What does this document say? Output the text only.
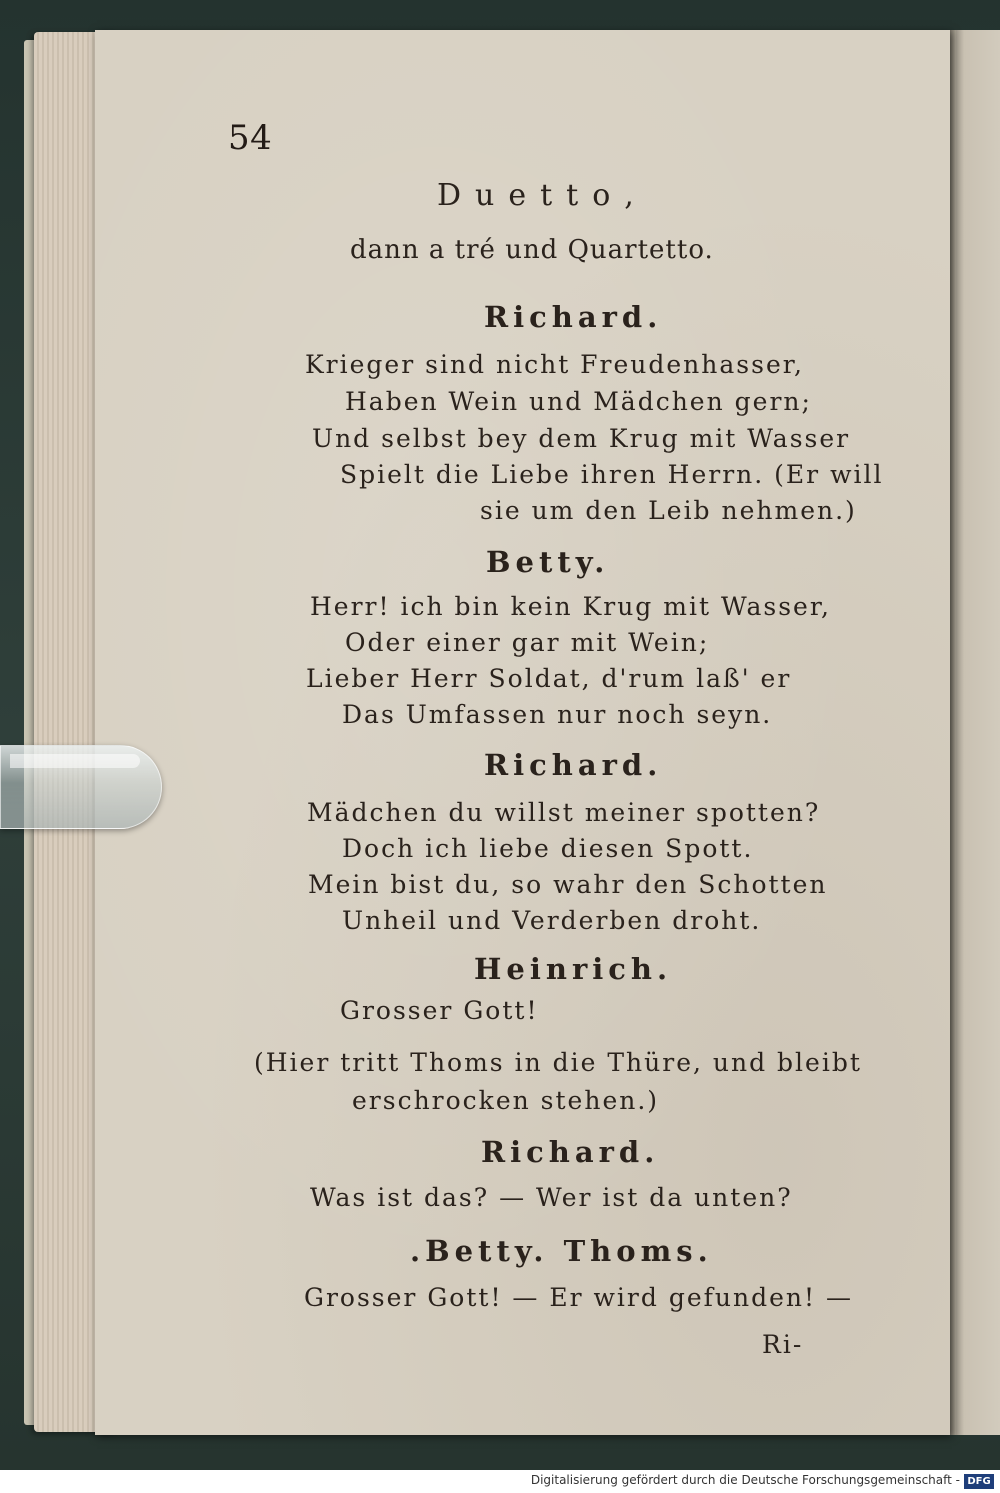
54
Duetto,
dann a tré und Quartetto.
Richard.
Krieger sind nicht Freudenhasser,
Haben Wein und Mädchen gern;
Und selbst bey dem Krug mit Wasser
Spielt die Liebe ihren Herrn. (Er will
sie um den Leib nehmen.)
Betty.
Herr! ich bin kein Krug mit Wasser,
Oder einer gar mit Wein;
Lieber Herr Soldat, d'rum laß' er
Das Umfassen nur noch seyn.
Richard.
Mädchen du willst meiner spotten?
Doch ich liebe diesen Spott.
Mein bist du, so wahr den Schotten
Unheil und Verderben droht.
Heinrich.
Grosser Gott!
(Hier tritt Thoms in die Thüre, und bleibt
erschrocken stehen.)
Richard.
Was ist das? — Wer ist da unten?
.Betty. Thoms.
Grosser Gott! — Er wird gefunden! —
Ri-
Digitalisierung gefördert durch die Deutsche Forschungsgemeinschaft - DFG
